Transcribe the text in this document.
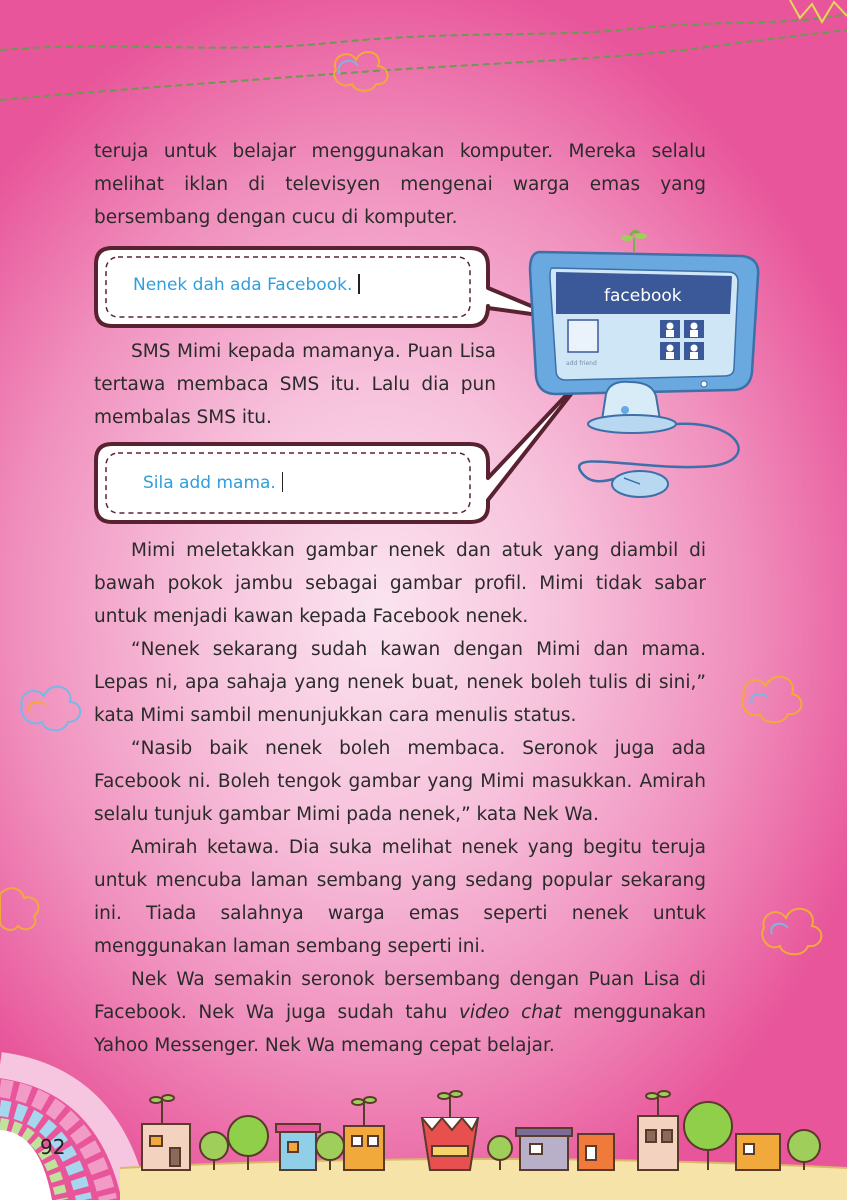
facebook
add friend

teruja untuk belajar menggunakan komputer. Mereka selalu melihat iklan di televisyen mengenai warga emas yang bersembang dengan cucu di komputer.

Nenek dah ada Facebook.

SMS Mimi kepada mamanya. Puan Lisa tertawa membaca SMS itu. Lalu dia pun membalas SMS itu.

Sila add mama.

Mimi meletakkan gambar nenek dan atuk yang diambil di bawah pokok jambu sebagai gambar profil. Mimi tidak sabar untuk menjadi kawan kepada Facebook nenek.

“Nenek sekarang sudah kawan dengan Mimi dan mama. Lepas ni, apa sahaja yang nenek buat, nenek boleh tulis di sini,” kata Mimi sambil menunjukkan cara menulis status.

“Nasib baik nenek boleh membaca. Seronok juga ada Facebook ni. Boleh tengok gambar yang Mimi masukkan. Amirah selalu tunjuk gambar Mimi pada nenek,” kata Nek Wa.

Amirah ketawa. Dia suka melihat nenek yang begitu teruja untuk mencuba laman sembang yang sedang popular sekarang ini. Tiada salahnya warga emas seperti nenek untuk menggunakan laman sembang seperti ini.

Nek Wa semakin seronok bersembang dengan Puan Lisa di Facebook. Nek Wa juga sudah tahu video chat menggunakan Yahoo Messenger. Nek Wa memang cepat belajar.

92
